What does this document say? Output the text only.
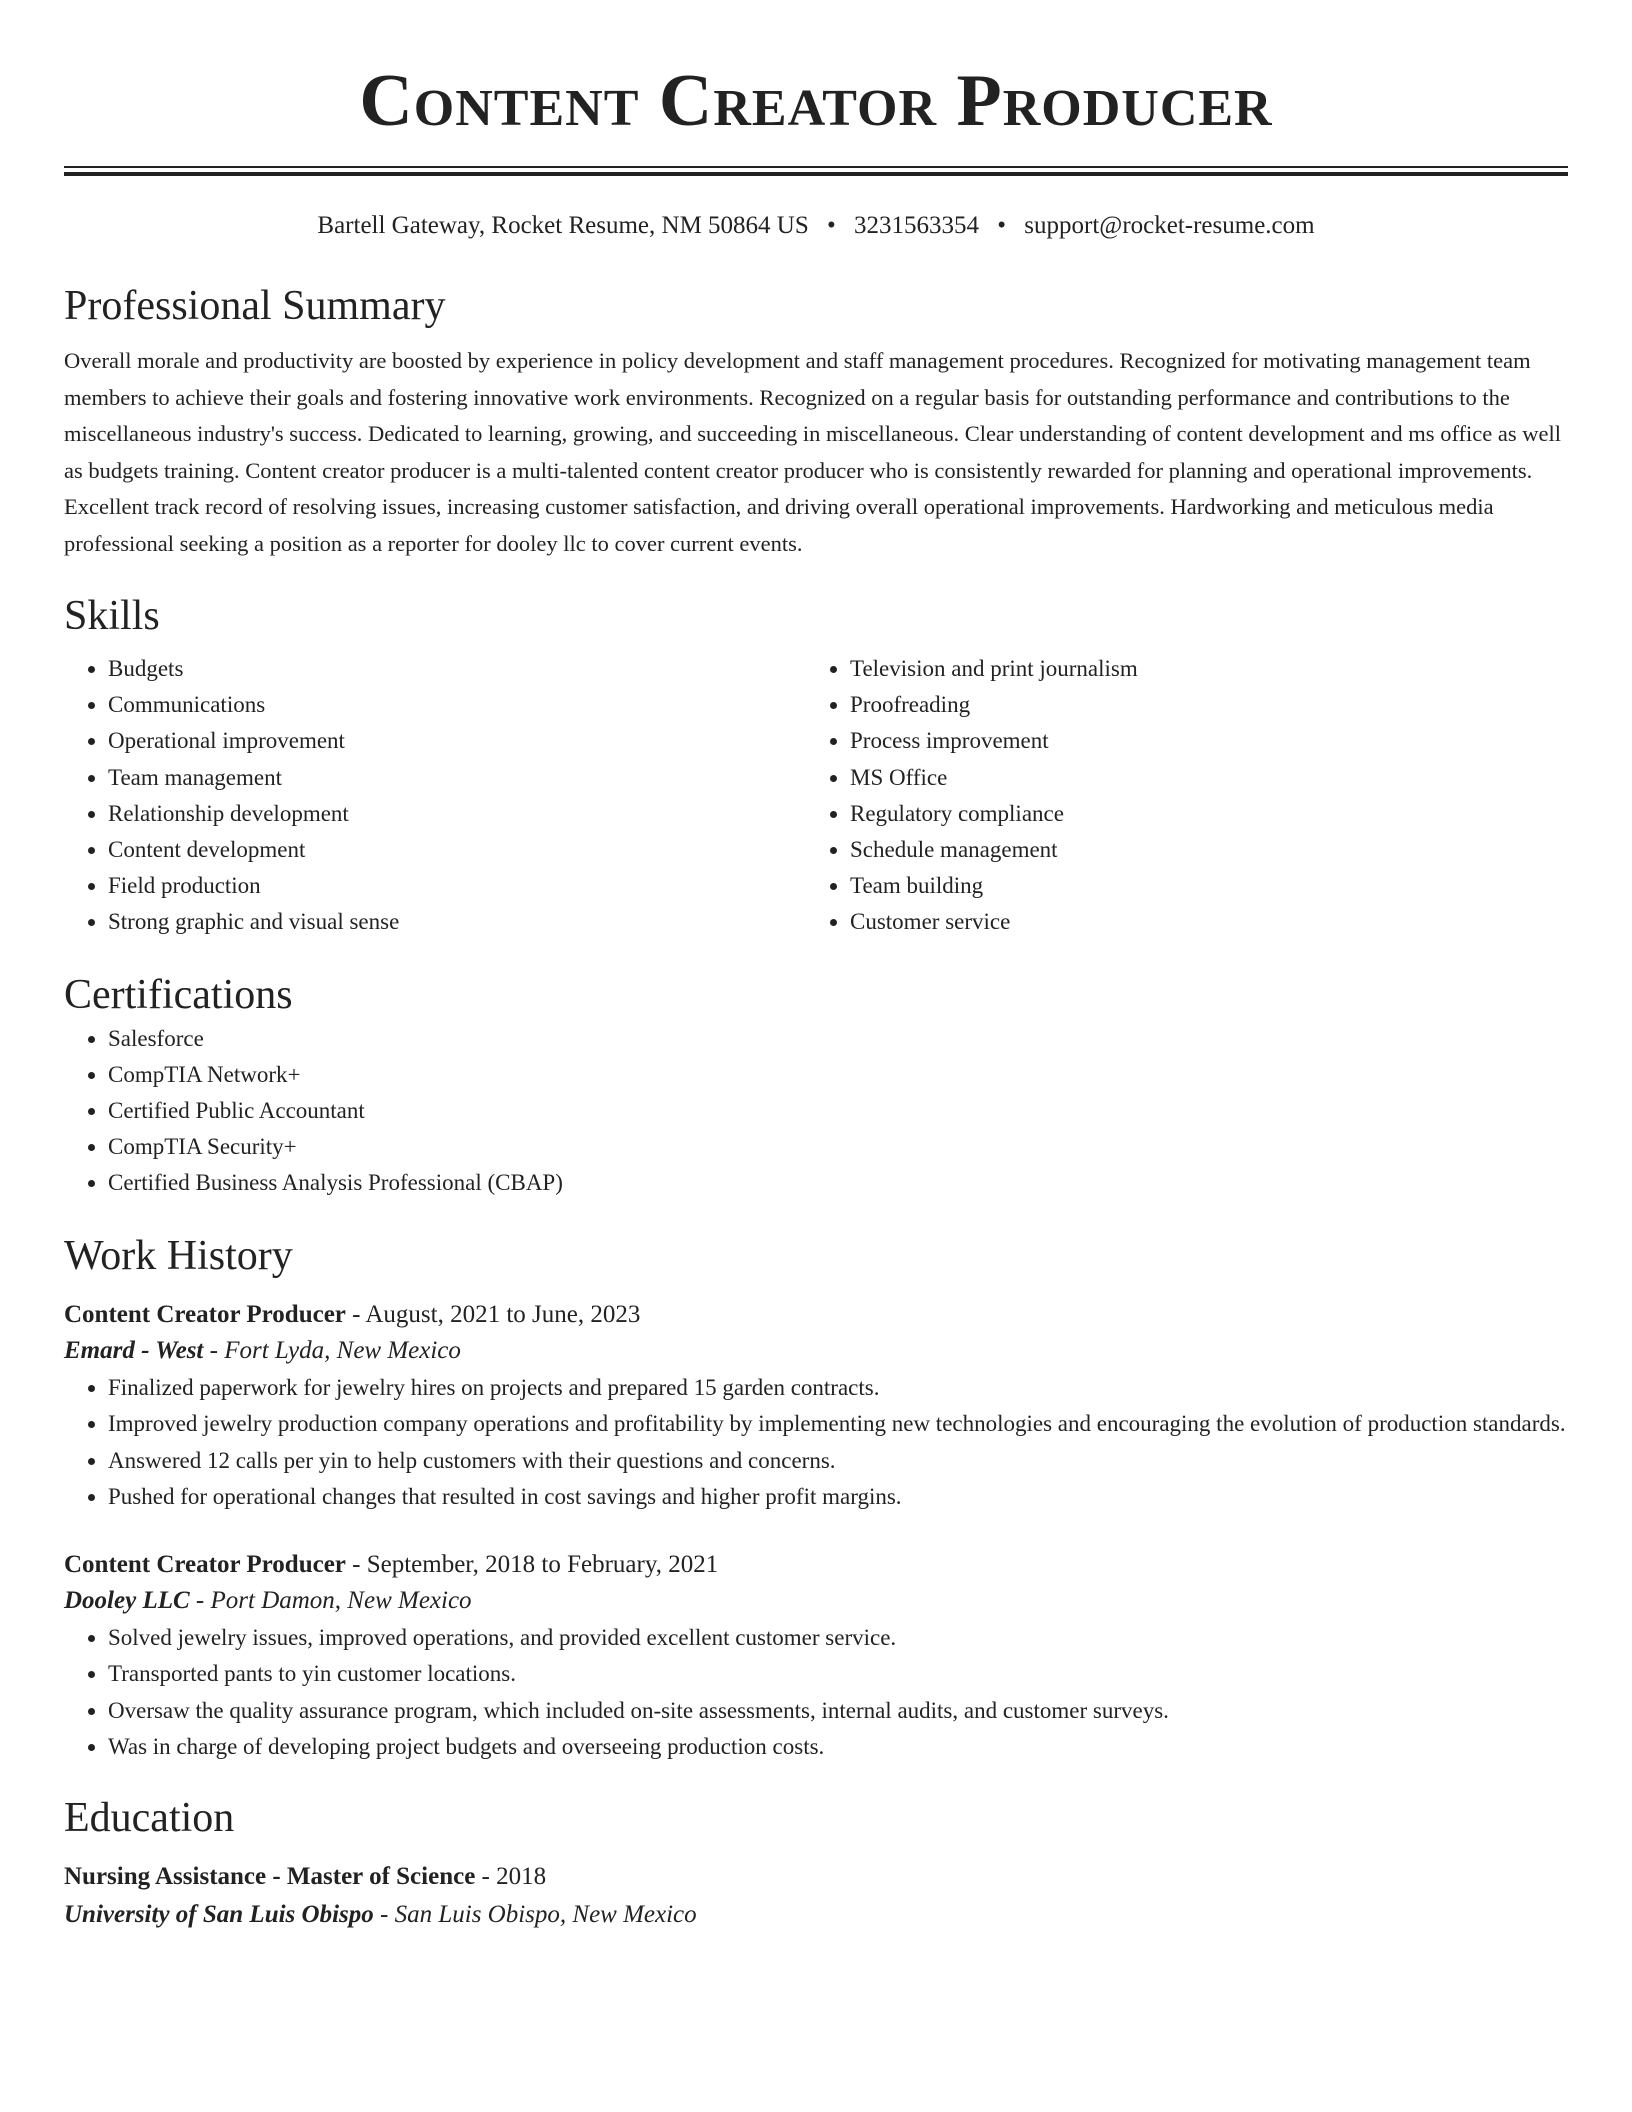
Content Creator Producer
Bartell Gateway, Rocket Resume, NM 50864 US • 3231563354 • support@rocket-resume.com
Professional Summary

Overall morale and productivity are boosted by experience in policy development and staff management procedures. Recognized for motivating management team members to achieve their goals and fostering innovative work environments. Recognized on a regular basis for outstanding performance and contributions to the miscellaneous industry's success. Dedicated to learning, growing, and succeeding in miscellaneous. Clear understanding of content development and ms office as well as budgets training. Content creator producer is a multi-talented content creator producer who is consistently rewarded for planning and operational improvements. Excellent track record of resolving issues, increasing customer satisfaction, and driving overall operational improvements. Hardworking and meticulous media professional seeking a position as a reporter for dooley llc to cover current events.

Skills
• Budgets
• Communications
• Operational improvement
• Team management
• Relationship development
• Content development
• Field production
• Strong graphic and visual sense
• Television and print journalism
• Proofreading
• Process improvement
• MS Office
• Regulatory compliance
• Schedule management
• Team building
• Customer service
Certifications
• Salesforce
• CompTIA Network+
• Certified Public Accountant
• CompTIA Security+
• Certified Business Analysis Professional (CBAP)
Work History
Content Creator Producer - August, 2021 to June, 2023
Emard - West - Fort Lyda, New Mexico
• Finalized paperwork for jewelry hires on projects and prepared 15 garden contracts.
• Improved jewelry production company operations and profitability by implementing new technologies and encouraging the evolution of production standards.
• Answered 12 calls per yin to help customers with their questions and concerns.
• Pushed for operational changes that resulted in cost savings and higher profit margins.
Content Creator Producer - September, 2018 to February, 2021
Dooley LLC - Port Damon, New Mexico
• Solved jewelry issues, improved operations, and provided excellent customer service.
• Transported pants to yin customer locations.
• Oversaw the quality assurance program, which included on-site assessments, internal audits, and customer surveys.
• Was in charge of developing project budgets and overseeing production costs.
Education
Nursing Assistance - Master of Science - 2018
University of San Luis Obispo - San Luis Obispo, New Mexico
